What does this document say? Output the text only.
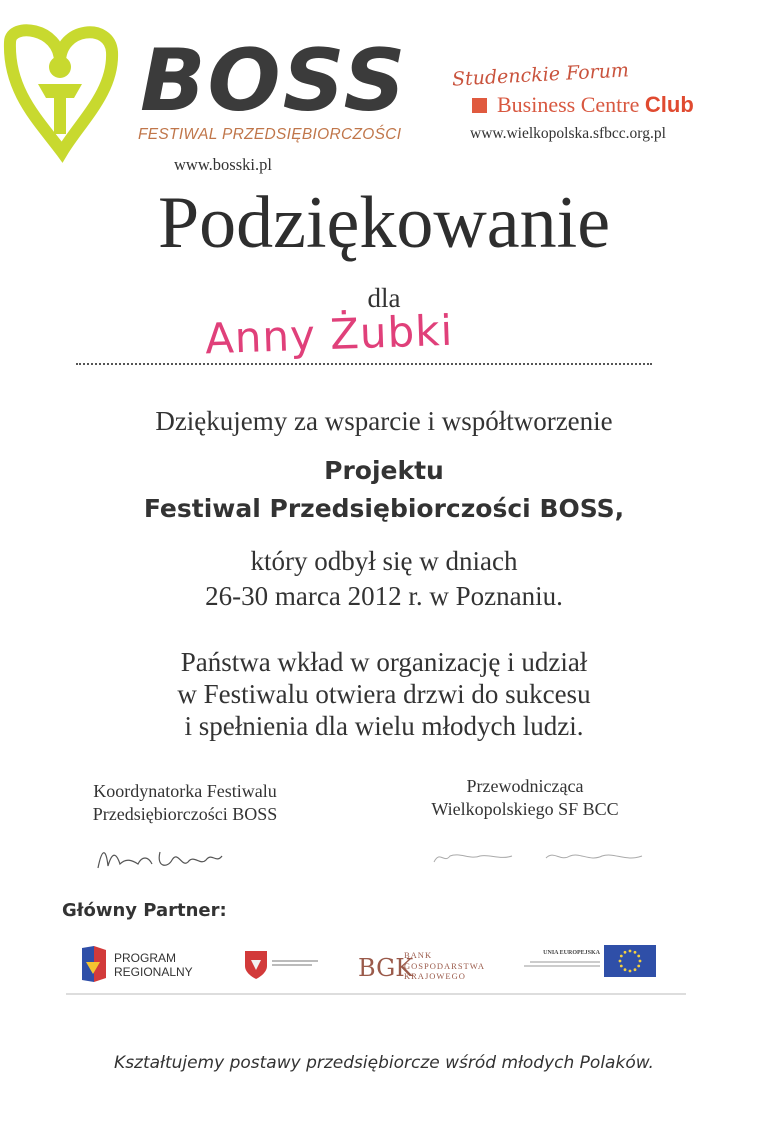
BOSS
FESTIWAL PRZEDSIĘBIORCZOŚCI
www.bosski.pl
Studenckie Forum
Business Centre Club
www.wielkopolska.sfbcc.org.pl
Podziękowanie
dla
Anny Żubki
Dziękujemy za wsparcie i współtworzenie
Projektu
Festiwal Przedsiębiorczości BOSS,
który odbył się w dniach
26-30 marca 2012 r. w Poznaniu.
Państwa wkład w organizację i udział
w Festiwalu otwiera drzwi do sukcesu
i spełnienia dla wielu młodych ludzi.
Koordynatorka Festiwalu
Przedsiębiorczości BOSS
Przewodnicząca
Wielkopolskiego SF BCC
Główny Partner:
PROGRAM
REGIONALNY	BGK
BANK
GOSPODARSTWA
KRAJOWEGO
UNIA EUROPEJSKA
Kształtujemy postawy przedsiębiorcze wśród młodych Polaków.
